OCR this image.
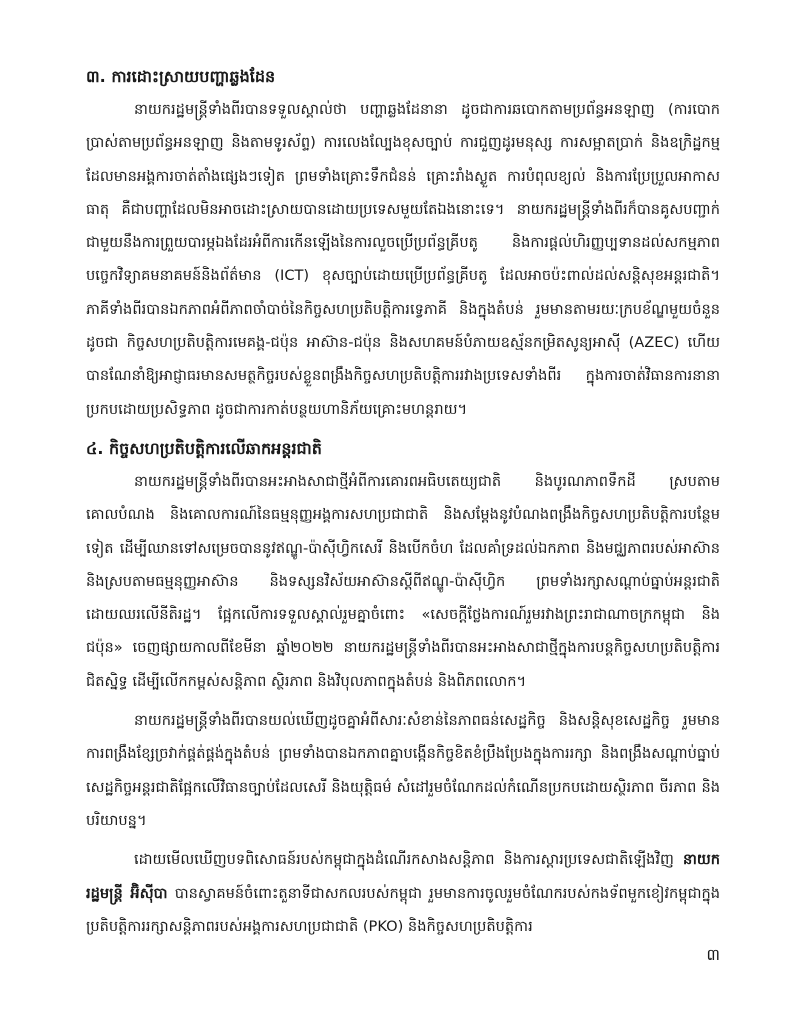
៣. ការដោះស្រាយបញ្ហាឆ្លងដែន

នាយករដ្ឋមន្ត្រីទាំងពីរបានទទួលស្គាល់ថា បញ្ហាឆ្លងដែនានា ដូចជាការឆបោកតាមប្រព័ន្ធអនឡាញ (ការបោកប្រាស់តាមប្រព័ន្ធអនឡាញ និងតាមទូរស័ព្ទ) ការលេងល្បែងខុសច្បាប់ ការជួញដូរមនុស្ស ការសម្អាតប្រាក់ និងឧក្រិដ្ឋកម្មដែលមានអង្គការចាត់តាំងផ្សេងៗទៀត ព្រមទាំងគ្រោះទឹកជំនន់ គ្រោះរាំងស្ងួត ការបំពុលខ្យល់ និងការប្រែប្រួលអាកាសធាតុ គឺជាបញ្ហាដែលមិនអាចដោះស្រាយបានដោយប្រទេសមួយតែឯងនោះទេ។ នាយករដ្ឋមន្ត្រីទាំងពីរក៏បានគូសបញ្ជាក់ជាមួយនឹងការព្រួយបារម្ភឯងដែរអំពីការកើនឡើងនៃការលួចប្រើប្រព័ន្ធគ្រីបតូ និងការផ្តល់ហិរញ្ញប្បទានដល់សកម្មភាពបច្ចេកវិទ្យាគមនាគមន៍និងព័ត៌មាន (ICT) ខុសច្បាប់ដោយប្រើប្រព័ន្ធគ្រីបតូ ដែលអាចប៉ះពាល់ដល់សន្តិសុខអន្តរជាតិ។ ភាគីទាំងពីរបានឯកភាពអំពីភាពចាំបាច់នៃកិច្ចសហប្រតិបត្តិការទ្វេភាគី និងក្នុងតំបន់ រួមមានតាមរយៈក្របខ័ណ្ឌមួយចំនួនដូចជា កិច្ចសហប្រតិបត្តិការមេគង្គ-ជប៉ុន អាស៊ាន-ជប៉ុន និងសហគមន៍បំភាយឧស្ម័នកម្រិតសូន្យអាស៊ី (AZEC) ហើយបានណែនាំឱ្យអាជ្ញាធរមានសមត្ថកិច្ចរបស់ខ្លួនពង្រឹងកិច្ចសហប្រតិបត្តិការរវាងប្រទេសទាំងពីរ ក្នុងការចាត់វិធានការនានាប្រកបដោយប្រសិទ្ធភាព ដូចជាការកាត់បន្ថយហានិភ័យគ្រោះមហន្តរាយ។

៤. កិច្ចសហប្រតិបត្តិការលើឆាកអន្តរជាតិ

នាយករដ្ឋមន្ត្រីទាំងពីរបានអះអាងសាជាថ្មីអំពីការគោរពអធិបតេយ្យជាតិ និងបូរណភាពទឹកដី ស្របតាមគោលបំណង និងគោលការណ៍នៃធម្មនុញ្ញអង្គការសហប្រជាជាតិ និងសម្តែងនូវបំណងពង្រឹងកិច្ចសហប្រតិបត្តិការបន្ថែមទៀត ដើម្បីឈានទៅសម្រេចបាននូវឥណ្ឌូ-ប៉ាស៊ីហ្វិកសេរី និងបើកចំហ ដែលគាំទ្រដល់ឯកភាព និងមជ្ឈភាពរបស់អាស៊ាន និងស្របតាមធម្មនុញ្ញអាស៊ាន និងទស្សនវិស័យអាស៊ានស្តីពីឥណ្ឌូ-ប៉ាស៊ីហ្វិក ព្រមទាំងរក្សាសណ្តាប់ធ្នាប់អន្តរជាតិដោយឈរលើនីតិរដ្ឋ។ ផ្អែកលើការទទួលស្គាល់រួមគ្នាចំពោះ «សេចក្តីថ្លែងការណ៍រួមរវាងព្រះរាជាណាចក្រកម្ពុជា និងជប៉ុន» ចេញផ្សាយកាលពីខែមីនា ឆ្នាំ២០២២ នាយករដ្ឋមន្ត្រីទាំងពីរបានអះអាងសាជាថ្មីក្នុងការបន្តកិច្ចសហប្រតិបត្តិការជិតស្និទ្ធ ដើម្បីលើកកម្ពស់សន្តិភាព ស្ថិរភាព និងវិបុលភាពក្នុងតំបន់ និងពិភពលោក។

នាយករដ្ឋមន្ត្រីទាំងពីរបានយល់ឃើញដូចគ្នាអំពីសារៈសំខាន់នៃភាពធន់សេដ្ឋកិច្ច និងសន្តិសុខសេដ្ឋកិច្ច រួមមានការពង្រឹងខ្សែច្រវាក់ផ្គត់ផ្គង់ក្នុងតំបន់ ព្រមទាំងបានឯកភាពគ្នាបង្កើនកិច្ចខិតខំប្រឹងប្រែងក្នុងការរក្សា និងពង្រឹងសណ្តាប់ធ្នាប់សេដ្ឋកិច្ចអន្តរជាតិផ្អែកលើវិធានច្បាប់ដែលសេរី និងយុត្តិធម៌ សំដៅរួមចំណែកដល់កំណើនប្រកបដោយស្ថិរភាព ចីរភាព និងបរិយាបន្ន។

ដោយមើលឃើញបទពិសោធន៍របស់កម្ពុជាក្នុងដំណើរកសាងសន្តិភាព និងការស្តារប្រទេសជាតិឡើងវិញ នាយករដ្ឋមន្ត្រី អ៊ិស៊ីបា បានស្វាគមន៍ចំពោះតួនាទីជាសកលរបស់កម្ពុជា រួមមានការចូលរួមចំណែករបស់កងទ័ពមួកខៀវកម្ពុជាក្នុងប្រតិបត្តិការរក្សាសន្តិភាពរបស់អង្គការសហប្រជាជាតិ (PKO) និងកិច្ចសហប្រតិបត្តិការ

៣
